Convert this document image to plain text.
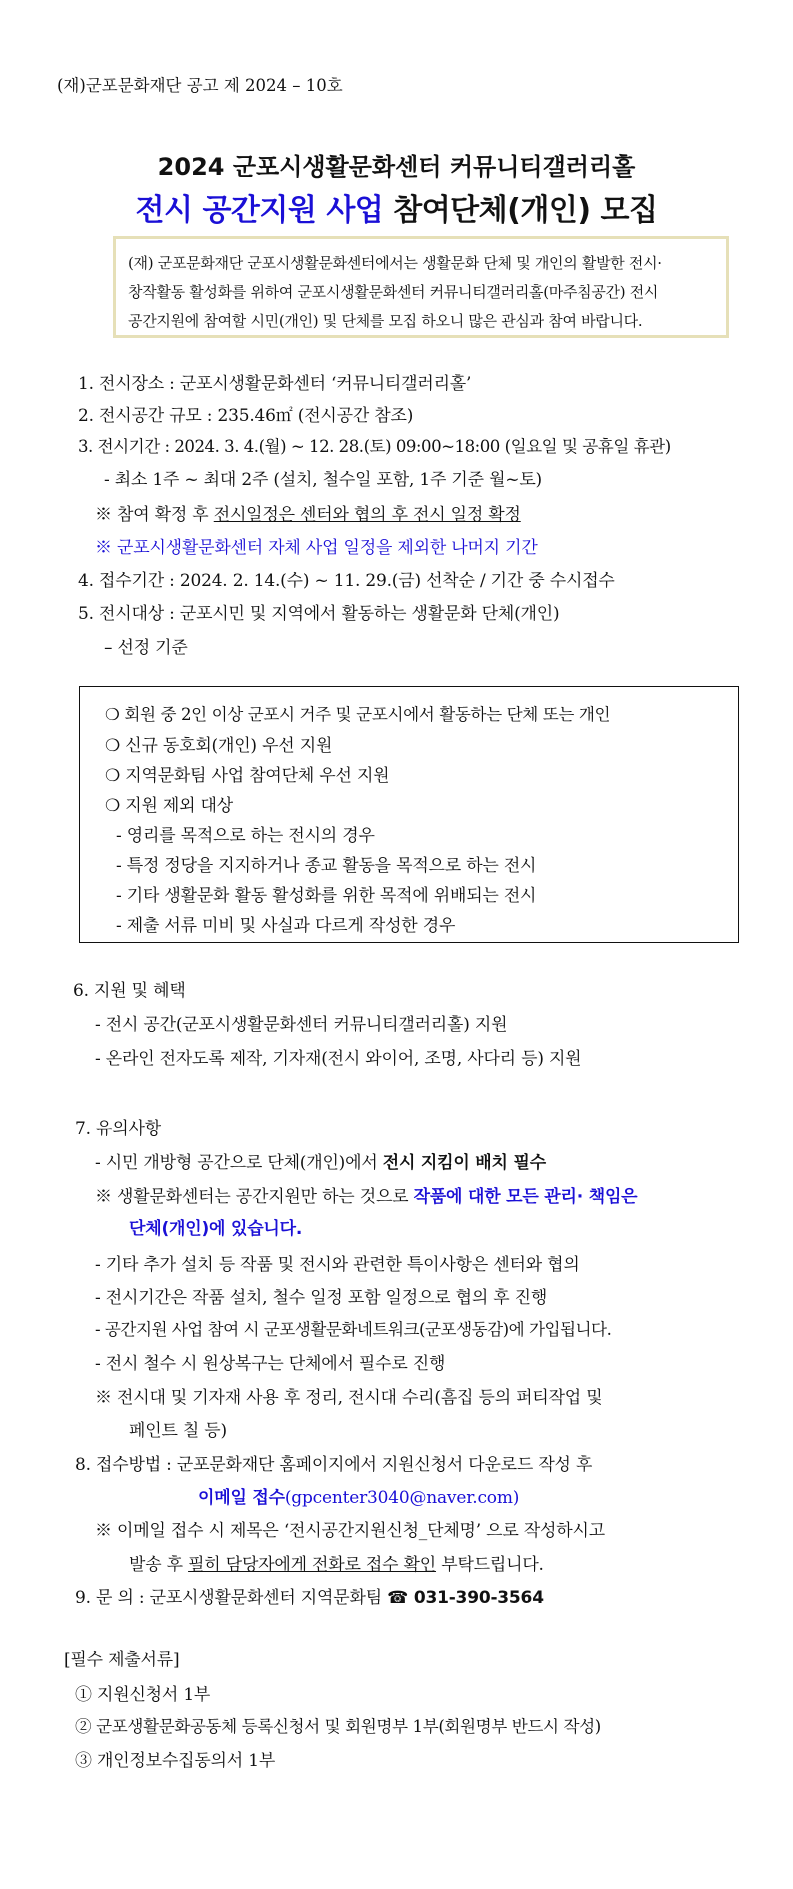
(재)군포문화재단 공고 제 2024 – 10호
2024 군포시생활문화센터 커뮤니티갤러리홀
전시 공간지원 사업 참여단체(개인) 모집
(재) 군포문화재단 군포시생활문화센터에서는 생활문화 단체 및 개인의 활발한 전시·
창작활동 활성화를 위하여 군포시생활문화센터 커뮤니티갤러리홀(마주침공간) 전시
공간지원에 참여할 시민(개인) 및 단체를 모집 하오니 많은 관심과 참여 바랍니다.
1. 전시장소 : 군포시생활문화센터 ‘커뮤니티갤러리홀’
2. 전시공간 규모 : 235.46㎡ (전시공간 참조)
3. 전시기간 : 2024. 3. 4.(월) ~ 12. 28.(토) 09:00~18:00 (일요일 및 공휴일 휴관)
- 최소 1주 ~ 최대 2주 (설치, 철수일 포함, 1주 기준 월~토)
※ 참여 확정 후 전시일정은 센터와 협의 후 전시 일정 확정
※ 군포시생활문화센터 자체 사업 일정을 제외한 나머지 기간
4. 접수기간 : 2024. 2. 14.(수) ~ 11. 29.(금) 선착순 / 기간 중 수시접수
5. 전시대상 : 군포시민 및 지역에서 활동하는 생활문화 단체(개인)
– 선정 기준
❍ 회원 중 2인 이상 군포시 거주 및 군포시에서 활동하는 단체 또는 개인
❍ 신규 동호회(개인) 우선 지원
❍ 지역문화팀 사업 참여단체 우선 지원
❍ 지원 제외 대상
- 영리를 목적으로 하는 전시의 경우
- 특정 정당을 지지하거나 종교 활동을 목적으로 하는 전시
- 기타 생활문화 활동 활성화를 위한 목적에 위배되는 전시
- 제출 서류 미비 및 사실과 다르게 작성한 경우
6. 지원 및 혜택
- 전시 공간(군포시생활문화센터 커뮤니티갤러리홀) 지원
- 온라인 전자도록 제작, 기자재(전시 와이어, 조명, 사다리 등) 지원
7. 유의사항
- 시민 개방형 공간으로 단체(개인)에서 전시 지킴이 배치 필수
※ 생활문화센터는 공간지원만 하는 것으로 작품에 대한 모든 관리· 책임은
단체(개인)에 있습니다.
- 기타 추가 설치 등 작품 및 전시와 관련한 특이사항은 센터와 협의
- 전시기간은 작품 설치, 철수 일정 포함 일정으로 협의 후 진행
- 공간지원 사업 참여 시 군포생활문화네트워크(군포생동감)에 가입됩니다.
- 전시 철수 시 원상복구는 단체에서 필수로 진행
※ 전시대 및 기자재 사용 후 정리, 전시대 수리(흠집 등의 퍼티작업 및
페인트 칠 등)
8. 접수방법 : 군포문화재단 홈페이지에서 지원신청서 다운로드 작성 후
이메일 접수(gpcenter3040@naver.com)
※ 이메일 접수 시 제목은 ‘전시공간지원신청_단체명’ 으로 작성하시고
발송 후 필히 담당자에게 전화로 접수 확인 부탁드립니다.
9. 문 의 : 군포시생활문화센터 지역문화팀 ☎ 031-390-3564
[필수 제출서류]
① 지원신청서 1부
② 군포생활문화공동체 등록신청서 및 회원명부 1부(회원명부 반드시 작성)
③ 개인정보수집동의서 1부
